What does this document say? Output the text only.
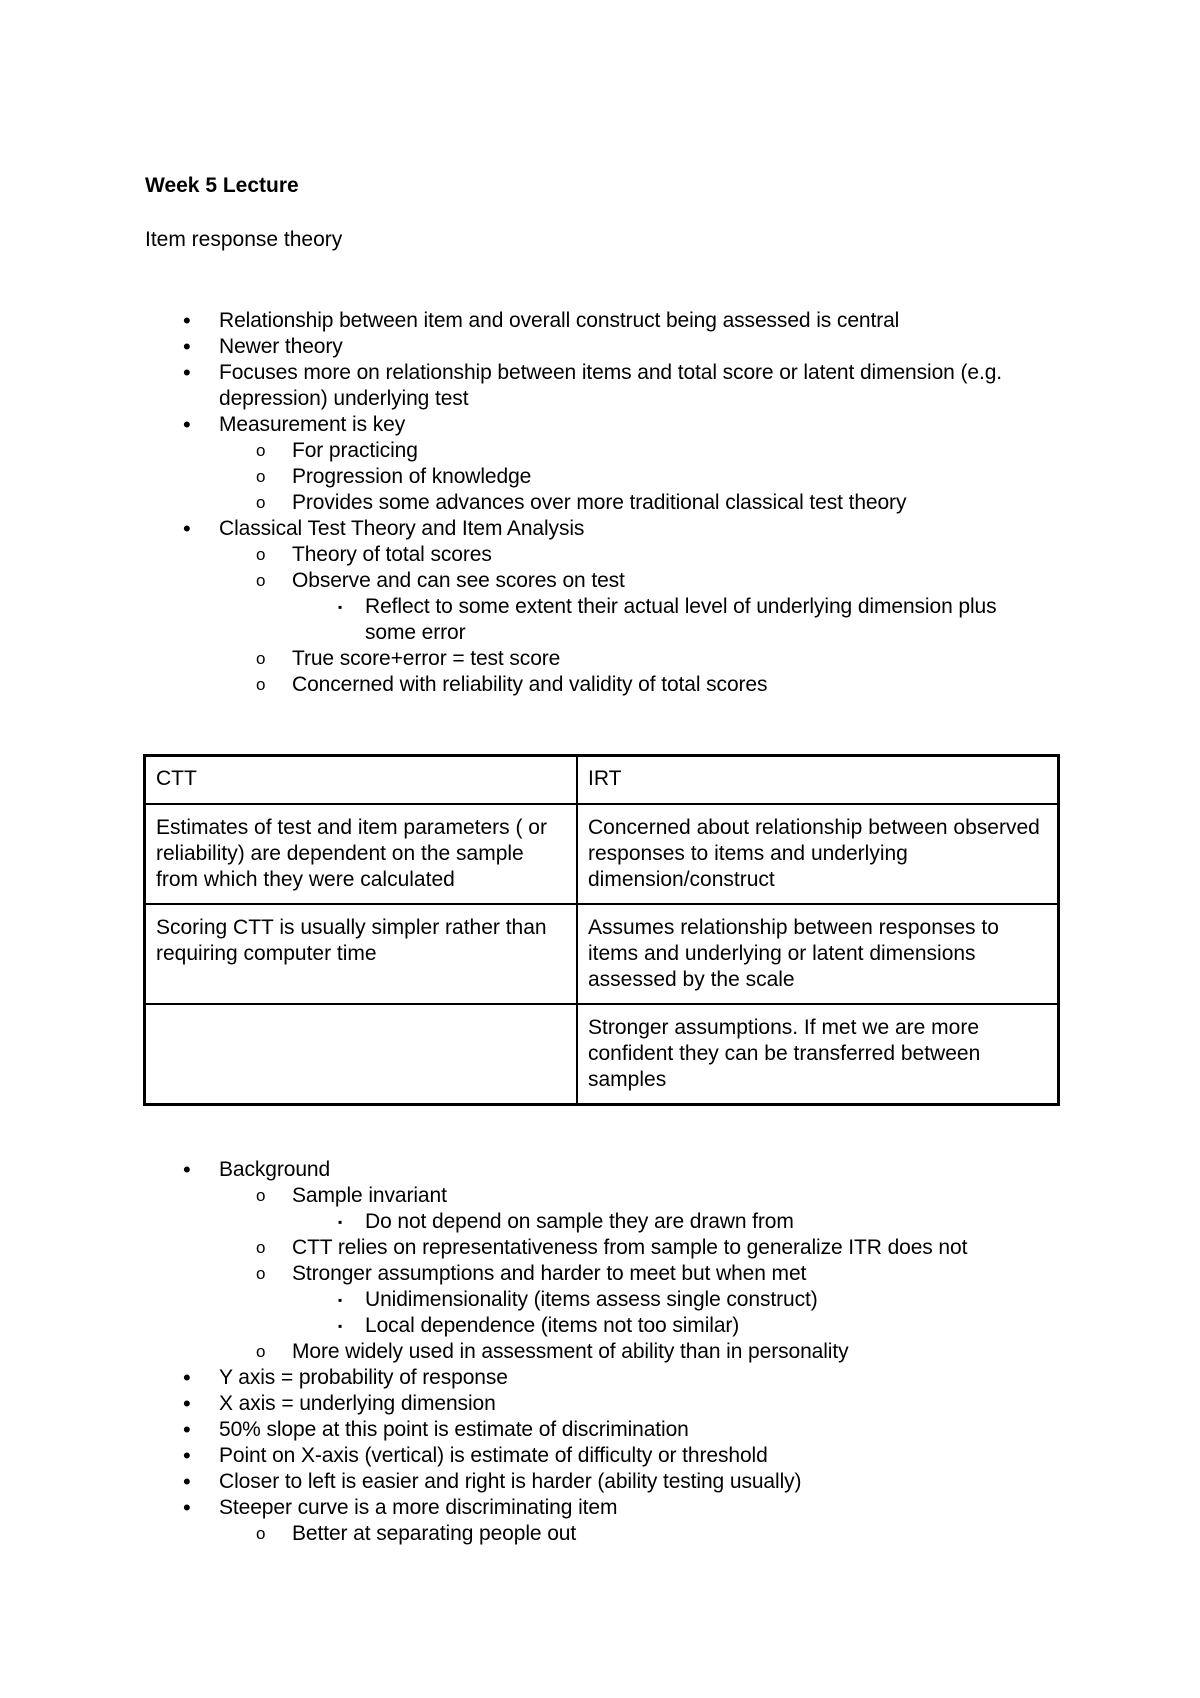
Week 5 Lecture
Item response theory
•
Relationship between item and overall construct being assessed is central
•
Newer theory
•
Focuses more on relationship between items and total score or latent dimension (e.g. depression) underlying test
•
Measurement is key
o
For practicing
o
Progression of knowledge
o
Provides some advances over more traditional classical test theory
•
Classical Test Theory and Item Analysis
o
Theory of total scores
o
Observe and can see scores on test
▪
Reflect to some extent their actual level of underlying dimension plus some error
o
True score+error = test score
o
Concerned with reliability and validity of total scores
CTT	IRT
Estimates of test and item parameters ( or reliability) are dependent on the sample from which they were calculated	Concerned about relationship between observed responses to items and underlying dimension/construct
Scoring CTT is usually simpler rather than requiring computer time	Assumes relationship between responses to items and underlying or latent dimensions assessed by the scale
	Stronger assumptions. If met we are more confident they can be transferred between samples
•
Background
o
Sample invariant
▪
Do not depend on sample they are drawn from
o
CTT relies on representativeness from sample to generalize ITR does not
o
Stronger assumptions and harder to meet but when met
▪
Unidimensionality (items assess single construct)
▪
Local dependence (items not too similar)
o
More widely used in assessment of ability than in personality
•
Y axis = probability of response
•
X axis = underlying dimension
•
50% slope at this point is estimate of discrimination
•
Point on X-axis (vertical) is estimate of difficulty or threshold
•
Closer to left is easier and right is harder (ability testing usually)
•
Steeper curve is a more discriminating item
o
Better at separating people out
